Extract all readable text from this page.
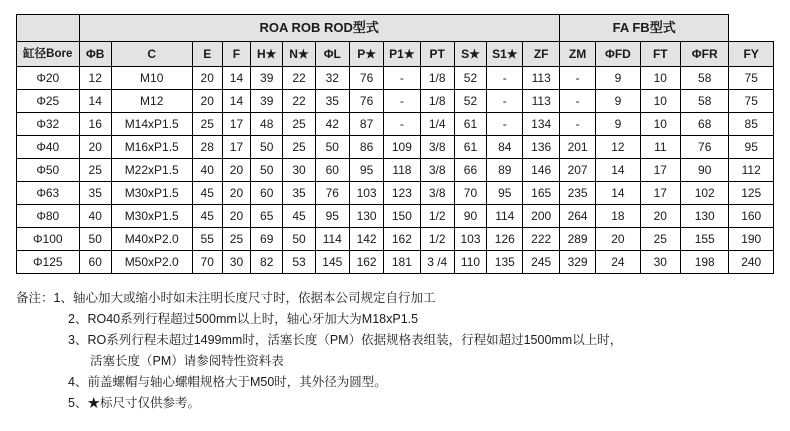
	ROA ROB ROD型式													FA FB型式				
缸径Bore	ΦB	C	E	F	H★	N★	ΦL	P★	P1★	PT	S★	S1★	ZF	ZM	ΦFD	FT	ΦFR	FY
Φ20	12	M10	20	14	39	22	32	76	-	1/8	52	-	113	-	9	10	58	75
Φ25	14	M12	20	14	39	22	35	76	-	1/8	52	-	113	-	9	10	58	75
Φ32	16	M14xP1.5	25	17	48	25	42	87	-	1/4	61	-	134	-	9	10	68	85
Φ40	20	M16xP1.5	28	17	50	25	50	86	109	3/8	61	84	136	201	12	11	76	95
Φ50	25	M22xP1.5	40	20	50	30	60	95	118	3/8	66	89	146	207	14	17	90	112
Φ63	35	M30xP1.5	45	20	60	35	76	103	123	3/8	70	95	165	235	14	17	102	125
Φ80	40	M30xP1.5	45	20	65	45	95	130	150	1/2	90	114	200	264	18	20	130	160
Φ100	50	M40xP2.0	55	25	69	50	114	142	162	1/2	103	126	222	289	20	25	155	190
Φ125	60	M50xP2.0	70	30	82	53	145	162	181	3 /4	110	135	245	329	24	30	198	240
备注：1、轴心加大或缩小时如未注明长度尺寸时，依据本公司规定自行加工
2、RO40系列行程超过500mm以上时，轴心牙加大为M18xP1.5
3、RO系列行程未超过1499mm时，活塞长度（PM）依据规格表组装，行程如超过1500mm以上时，
活塞长度（PM）请参阅特性资料表
4、前盖螺帽与轴心螺帽规格大于M50时，其外径为圆型。
5、★标尺寸仅供参考。
